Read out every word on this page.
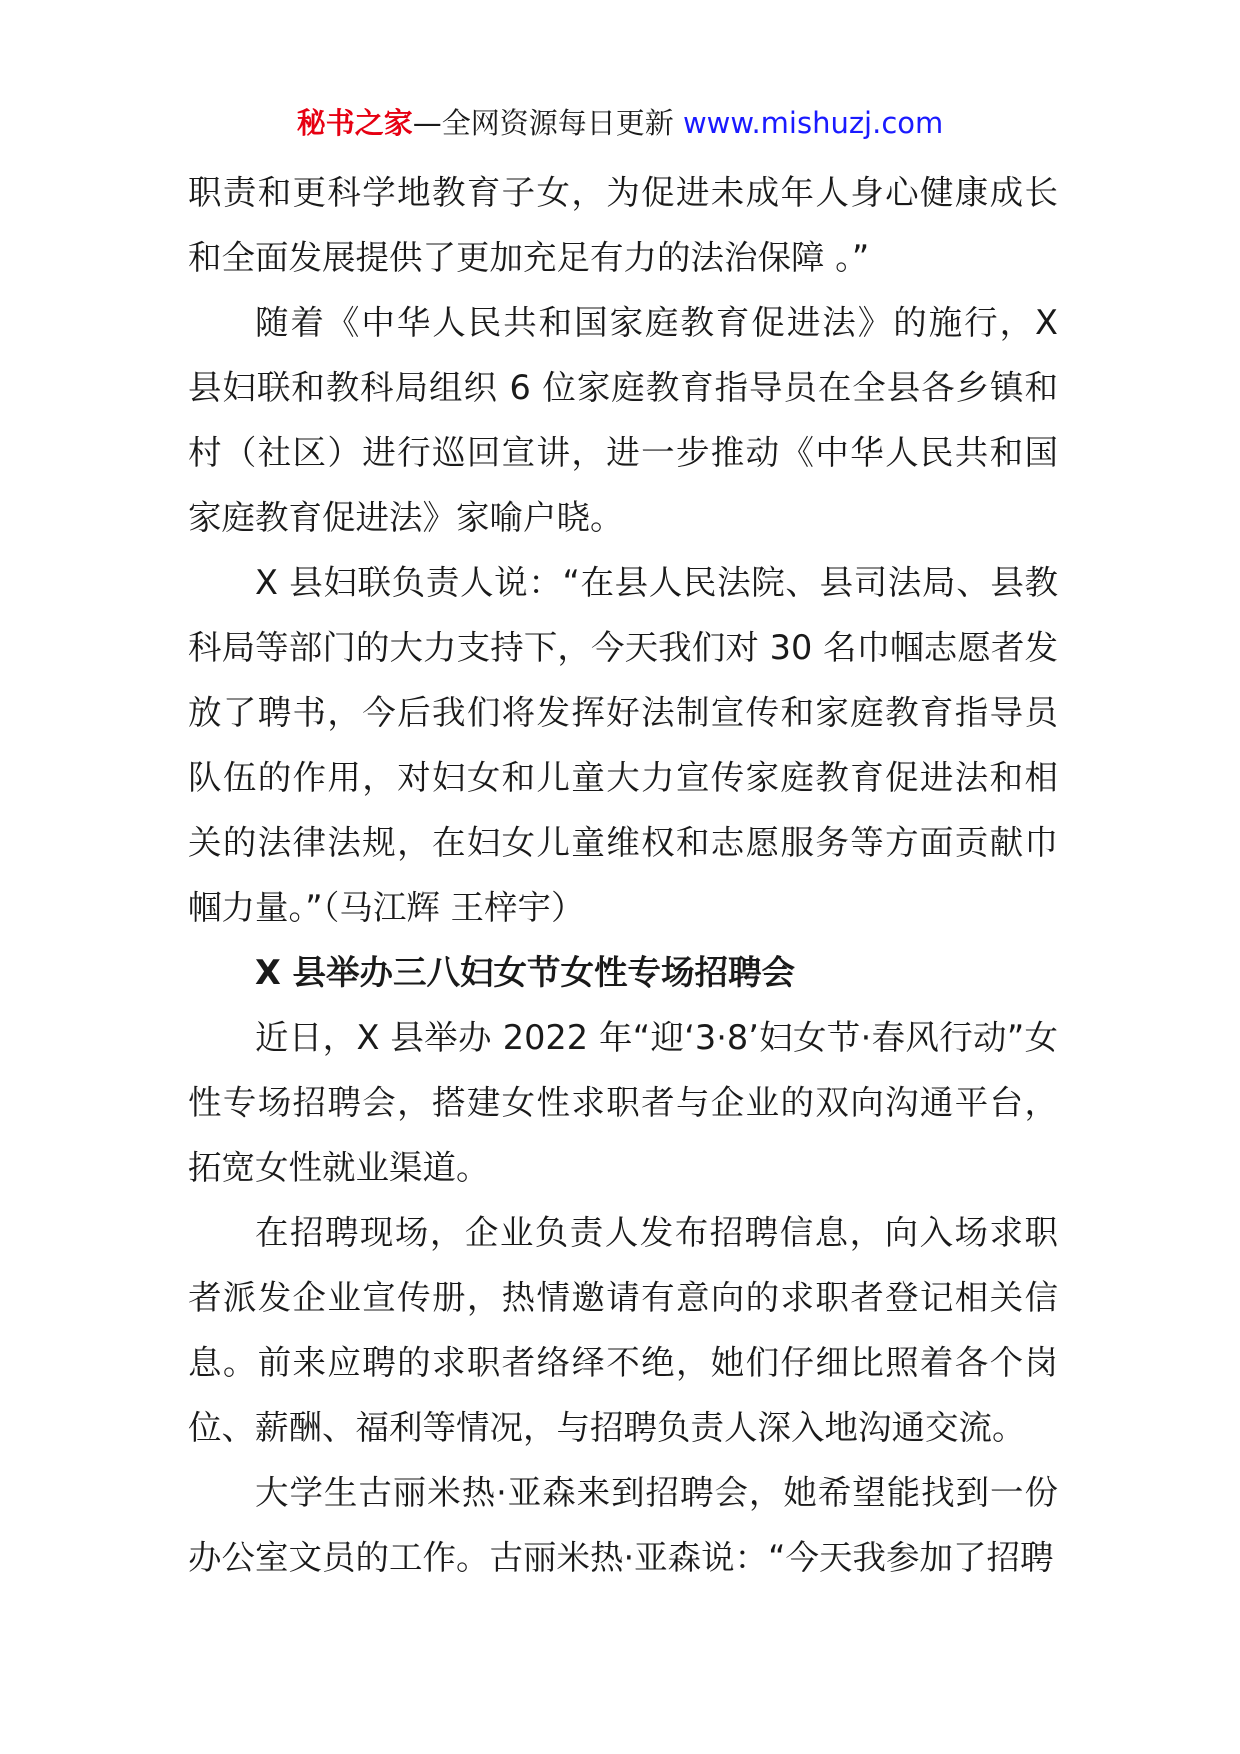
秘书之家—全网资源每日更新 www.mishuzj.com

职责和更科学地教育子女，为促进未成年人身心健康成长和全面发展提供了更加充足有力的法治保障 。”

随着《中华人民共和国家庭教育促进法》的施行，X 县妇联和教科局组织 6 位家庭教育指导员在全县各乡镇和村（社区）进行巡回宣讲，进一步推动《中华人民共和国家庭教育促进法》家喻户晓。

X 县妇联负责人说：“在县人民法院、县司法局、县教科局等部门的大力支持下，今天我们对 30 名巾帼志愿者发放了聘书，今后我们将发挥好法制宣传和家庭教育指导员队伍的作用，对妇女和儿童大力宣传家庭教育促进法和相关的法律法规，在妇女儿童维权和志愿服务等方面贡献巾帼力量。”（马江辉 王梓宇）

X 县举办三八妇女节女性专场招聘会

近日，X 县举办 2022 年“迎‘3·8’妇女节·春风行动”女性专场招聘会，搭建女性求职者与企业的双向沟通平台，拓宽女性就业渠道。

在招聘现场，企业负责人发布招聘信息，向入场求职者派发企业宣传册，热情邀请有意向的求职者登记相关信息。前来应聘的求职者络绎不绝，她们仔细比照着各个岗位、薪酬、福利等情况，与招聘负责人深入地沟通交流。

大学生古丽米热·亚森来到招聘会，她希望能找到一份办公室文员的工作。古丽米热·亚森说：“今天我参加了招聘
